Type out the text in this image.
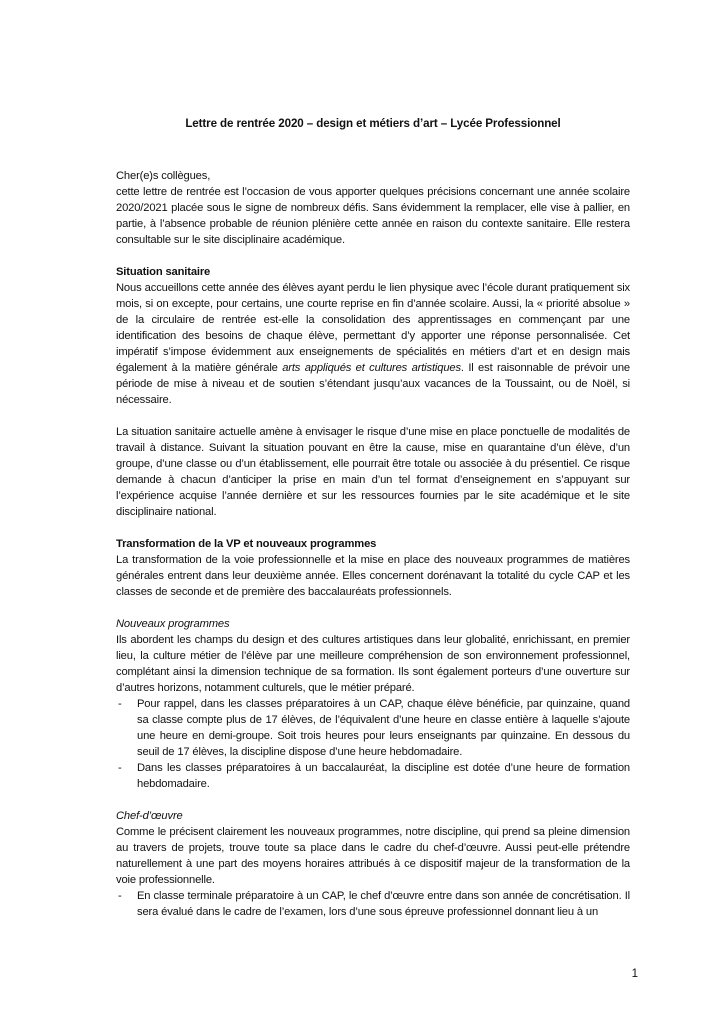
Lettre de rentrée 2020 – design et métiers d’art – Lycée Professionnel

Cher(e)s collègues,

cette lettre de rentrée est l’occasion de vous apporter quelques précisions concernant une année scolaire 2020/2021 placée sous le signe de nombreux défis. Sans évidemment la remplacer, elle vise à pallier, en partie, à l’absence probable de réunion plénière cette année en raison du contexte sanitaire. Elle restera consultable sur le site disciplinaire académique.

Situation sanitaire

Nous accueillons cette année des élèves ayant perdu le lien physique avec l’école durant pratiquement six mois, si on excepte, pour certains, une courte reprise en fin d’année scolaire. Aussi, la « priorité absolue » de la circulaire de rentrée est-elle la consolidation des apprentissages en commençant par une identification des besoins de chaque élève, permettant d’y apporter une réponse personnalisée. Cet impératif s’impose évidemment aux enseignements de spécialités en métiers d’art et en design mais également à la matière générale arts appliqués et cultures artistiques. Il est raisonnable de prévoir une période de mise à niveau et de soutien s’étendant jusqu’aux vacances de la Toussaint, ou de Noël, si nécessaire.

La situation sanitaire actuelle amène à envisager le risque d’une mise en place ponctuelle de modalités de travail à distance. Suivant la situation pouvant en être la cause, mise en quarantaine d’un élève, d’un groupe, d’une classe ou d’un établissement, elle pourrait être totale ou associée à du présentiel. Ce risque demande à chacun d’anticiper la prise en main d’un tel format d’enseignement en s’appuyant sur l’expérience acquise l’année dernière et sur les ressources fournies par le site académique et le site disciplinaire national.

Transformation de la VP et nouveaux programmes

La transformation de la voie professionnelle et la mise en place des nouveaux programmes de matières générales entrent dans leur deuxième année. Elles concernent dorénavant la totalité du cycle CAP et les classes de seconde et de première des baccalauréats professionnels.

Nouveaux programmes

Ils abordent les champs du design et des cultures artistiques dans leur globalité, enrichissant, en premier lieu, la culture métier de l’élève par une meilleure compréhension de son environnement professionnel, complétant ainsi la dimension technique de sa formation. Ils sont également porteurs d’une ouverture sur d’autres horizons, notamment culturels, que le métier préparé.

- Pour rappel, dans les classes préparatoires à un CAP, chaque élève bénéficie, par quinzaine, quand sa classe compte plus de 17 élèves, de l’équivalent d’une heure en classe entière à laquelle s’ajoute une heure en demi-groupe. Soit trois heures pour leurs enseignants par quinzaine. En dessous du seuil de 17 élèves, la discipline dispose d’une heure hebdomadaire.
- Dans les classes préparatoires à un baccalauréat, la discipline est dotée d’une heure de formation hebdomadaire.

Chef-d’œuvre

Comme le précisent clairement les nouveaux programmes, notre discipline, qui prend sa pleine dimension au travers de projets, trouve toute sa place dans le cadre du chef-d’œuvre. Aussi peut-elle prétendre naturellement à une part des moyens horaires attribués à ce dispositif majeur de la transformation de la voie professionnelle.

- En classe terminale préparatoire à un CAP, le chef d’œuvre entre dans son année de concrétisation. Il sera évalué dans le cadre de l’examen, lors d’une sous épreuve professionnel donnant lieu à un
1
